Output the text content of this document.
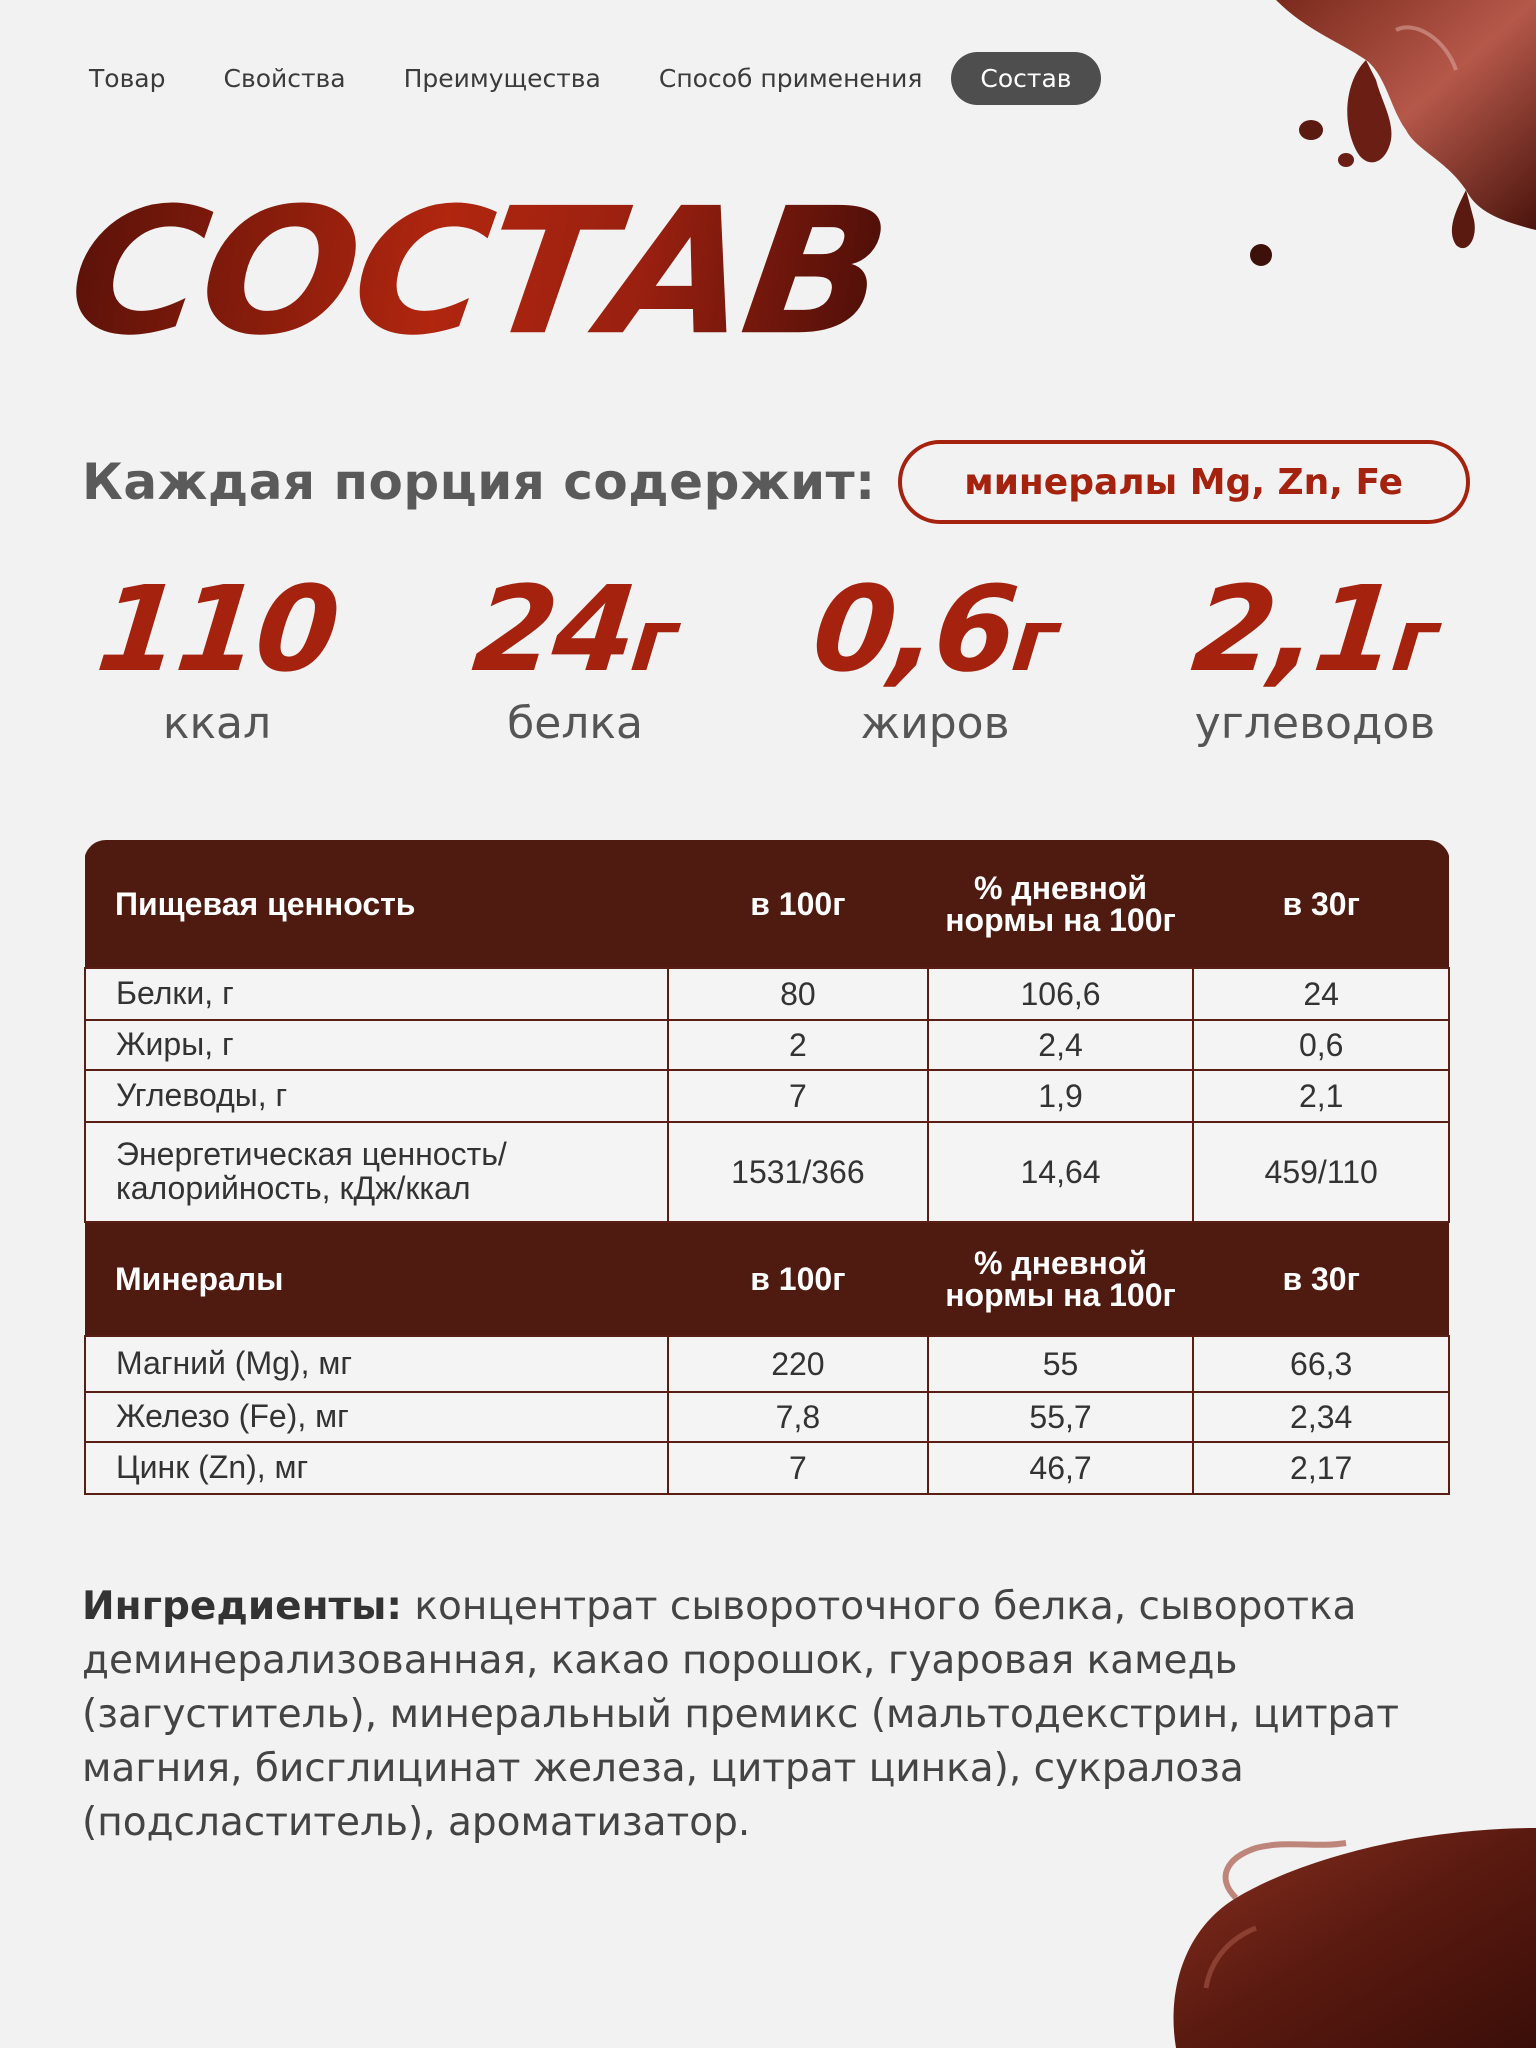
Товар	Свойства	Преимущества	Способ применения	Состав
СОСТАВ
Каждая порция содержит:	минералы Mg, Zn, Fe
110
ккал
24г
белка
0,6г
жиров
2,1г
углеводов
Пищевая ценность	в 100г	% дневной нормы на 100г	в 30г
Белки, г	80	106,6	24
Жиры, г	2	2,4	0,6
Углеводы, г	7	1,9	2,1
Энергетическая ценность/ калорийность, кДж/ккал	1531/366	14,64	459/110
Минералы	в 100г	% дневной нормы на 100г	в 30г
Магний (Mg), мг	220	55	66,3
Железо (Fe), мг	7,8	55,7	2,34
Цинк (Zn), мг	7	46,7	2,17

Ингредиенты: концентрат сывороточного белка, сыворотка деминерализованная, какао порошок, гуаровая камедь (загуститель), минеральный премикс (мальтодекстрин, цитрат магния, бисглицинат железа, цитрат цинка), сукралоза (подсластитель), ароматизатор.
